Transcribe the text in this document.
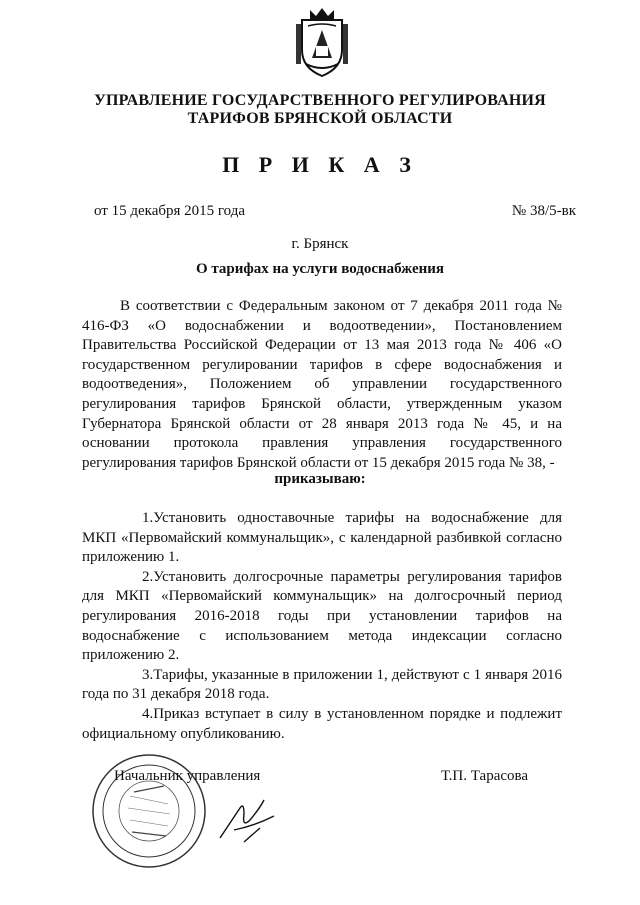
УПРАВЛЕНИЕ ГОСУДАРСТВЕННОГО РЕГУЛИРОВАНИЯ
ТАРИФОВ БРЯНСКОЙ ОБЛАСТИ
П Р И К А З
от 15 декабря 2015 года	№ 38/5-вк
г. Брянск
О тарифах на услуги водоснабжения

В соответствии с Федеральным законом от 7 декабря 2011 года № 416-ФЗ «О водоснабжении и водоотведении», Постановлением Правительства Российской Федерации от 13 мая 2013 года № 406 «О государственном регулировании тарифов в сфере водоснабжения и водоотведения», Положением об управлении государственного регулирования тарифов Брянской области, утвержденным указом Губернатора Брянской области от 28 января 2013 года № 45, и на основании протокола правления управления государственного регулирования тарифов Брянской области от 15 декабря 2015 года № 38, -

приказываю:

1.Установить одноставочные тарифы на водоснабжение для МКП «Первомайский коммунальщик», с календарной разбивкой согласно приложению 1.

2.Установить долгосрочные параметры регулирования тарифов для МКП «Первомайский коммунальщик» на долгосрочный период регулирования 2016-2018 годы при установлении тарифов на водоснабжение с использованием метода индексации согласно приложению 2.

3.Тарифы, указанные в приложении 1, действуют с 1 января 2016 года по 31 декабря 2018 года.

4.Приказ вступает в силу в установленном порядке и подлежит официальному опубликованию.

Начальник управления	Т.П. Тарасова
